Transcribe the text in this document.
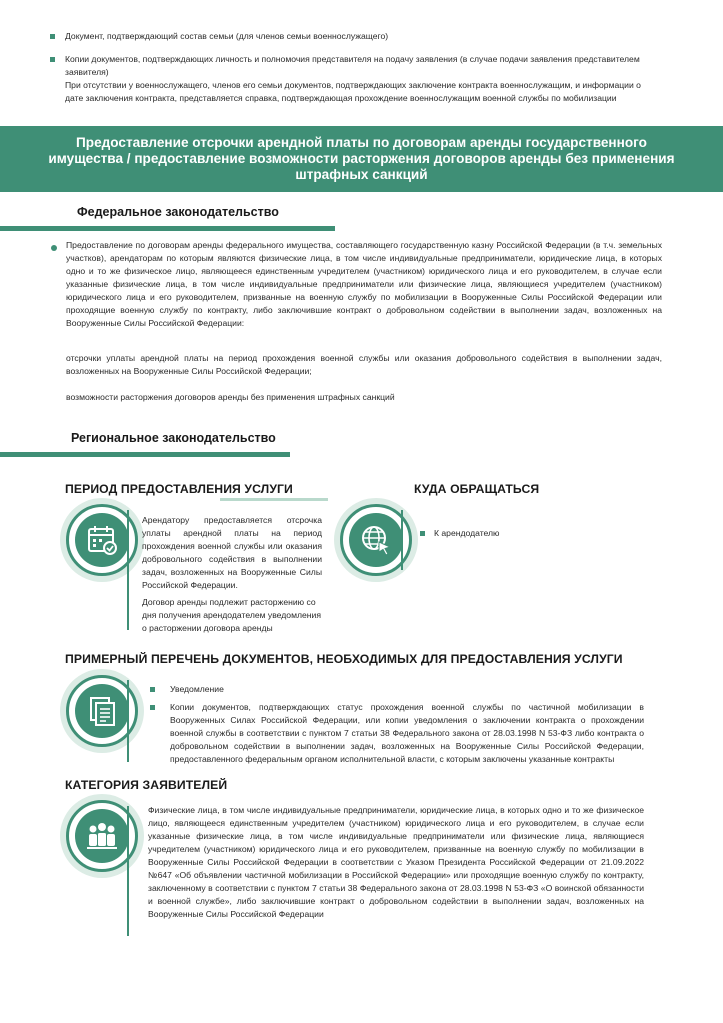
Документ, подтверждающий состав семьи (для членов семьи военнослужащего)
Копии документов, подтверждающих личность и полномочия представителя на подачу заявления (в случае подачи заявления представителем заявителя)
При отсутствии у военнослужащего, членов его семьи документов, подтверждающих заключение контракта военнослужащим, и информации о дате заключения контракта, представляется справка, подтверждающая прохождение военнослужащим военной службы по мобилизации
Предоставление отсрочки арендной платы по договорам аренды государственного имущества / предоставление возможности расторжения договоров аренды без применения штрафных санкций
Федеральное законодательство
Предоставление по договорам аренды федерального имущества, составляющего государственную казну Российской Федерации (в т.ч. земельных участков), арендаторам по которым являются физические лица, в том числе индивидуальные предприниматели, юридические лица, в которых одно и то же физическое лицо, являющееся единственным учредителем (участником) юридического лица и его руководителем, в случае если указанные физические лица, в том числе индивидуальные предприниматели или физические лица, являющиеся учредителем (участником) юридического лица и его руководителем, призванные на военную службу по мобилизации в Вооруженные Силы Российской Федерации или проходящие военную службу по контракту, либо заключившие контракт о добровольном содействии в выполнении задач, возложенных на Вооруженные Силы Российской Федерации:
отсрочки уплаты арендной платы на период прохождения военной службы или оказания добровольного содействия в выполнении задач, возложенных на Вооруженные Силы Российской Федерации;
возможности расторжения договоров аренды без применения штрафных санкций
Региональное законодательство
ПЕРИОД ПРЕДОСТАВЛЕНИЯ УСЛУГИ
Арендатору предоставляется отсрочка уплаты арендной платы на период прохождения военной службы или оказания добровольного содействия в выполнении задач, возложенных на Вооруженные Силы Российской Федерации.
Договор аренды подлежит расторжению со дня получения арендодателем уведомления о расторжении договора аренды
КУДА ОБРАЩАТЬСЯ
К арендодателю
ПРИМЕРНЫЙ ПЕРЕЧЕНЬ ДОКУМЕНТОВ, НЕОБХОДИМЫХ ДЛЯ ПРЕДОСТАВЛЕНИЯ УСЛУГИ
Уведомление
Копии документов, подтверждающих статус прохождения военной службы по частичной мобилизации в Вооруженных Силах Российской Федерации, или копии уведомления о заключении контракта о прохождении военной службы в соответствии с пунктом 7 статьи 38 Федерального закона от 28.03.1998 N 53-ФЗ либо контракта о добровольном содействии в выполнении задач, возложенных на Вооруженные Силы Российской Федерации, предоставленного федеральным органом исполнительной власти, с которым заключены указанные контракты
КАТЕГОРИЯ ЗАЯВИТЕЛЕЙ
Физические лица, в том числе индивидуальные предприниматели, юридические лица, в которых одно и то же физическое лицо, являющееся единственным учредителем (участником) юридического лица и его руководителем, в случае если указанные физические лица, в том числе индивидуальные предприниматели или физические лица, являющиеся учредителем (участником) юридического лица и его руководителем, призванные на военную службу по мобилизации в Вооруженные Силы Российской Федерации в соответствии с Указом Президента Российской Федерации от 21.09.2022 №647 «Об объявлении частичной мобилизации в Российской Федерации» или проходящие военную службу по контракту, заключенному в соответствии с пунктом 7 статьи 38 Федерального закона от 28.03.1998 N 53-ФЗ «О воинской обязанности и военной службе», либо заключившие контракт о добровольном содействии в выполнении задач, возложенных на Вооруженные Силы Российской Федерации
